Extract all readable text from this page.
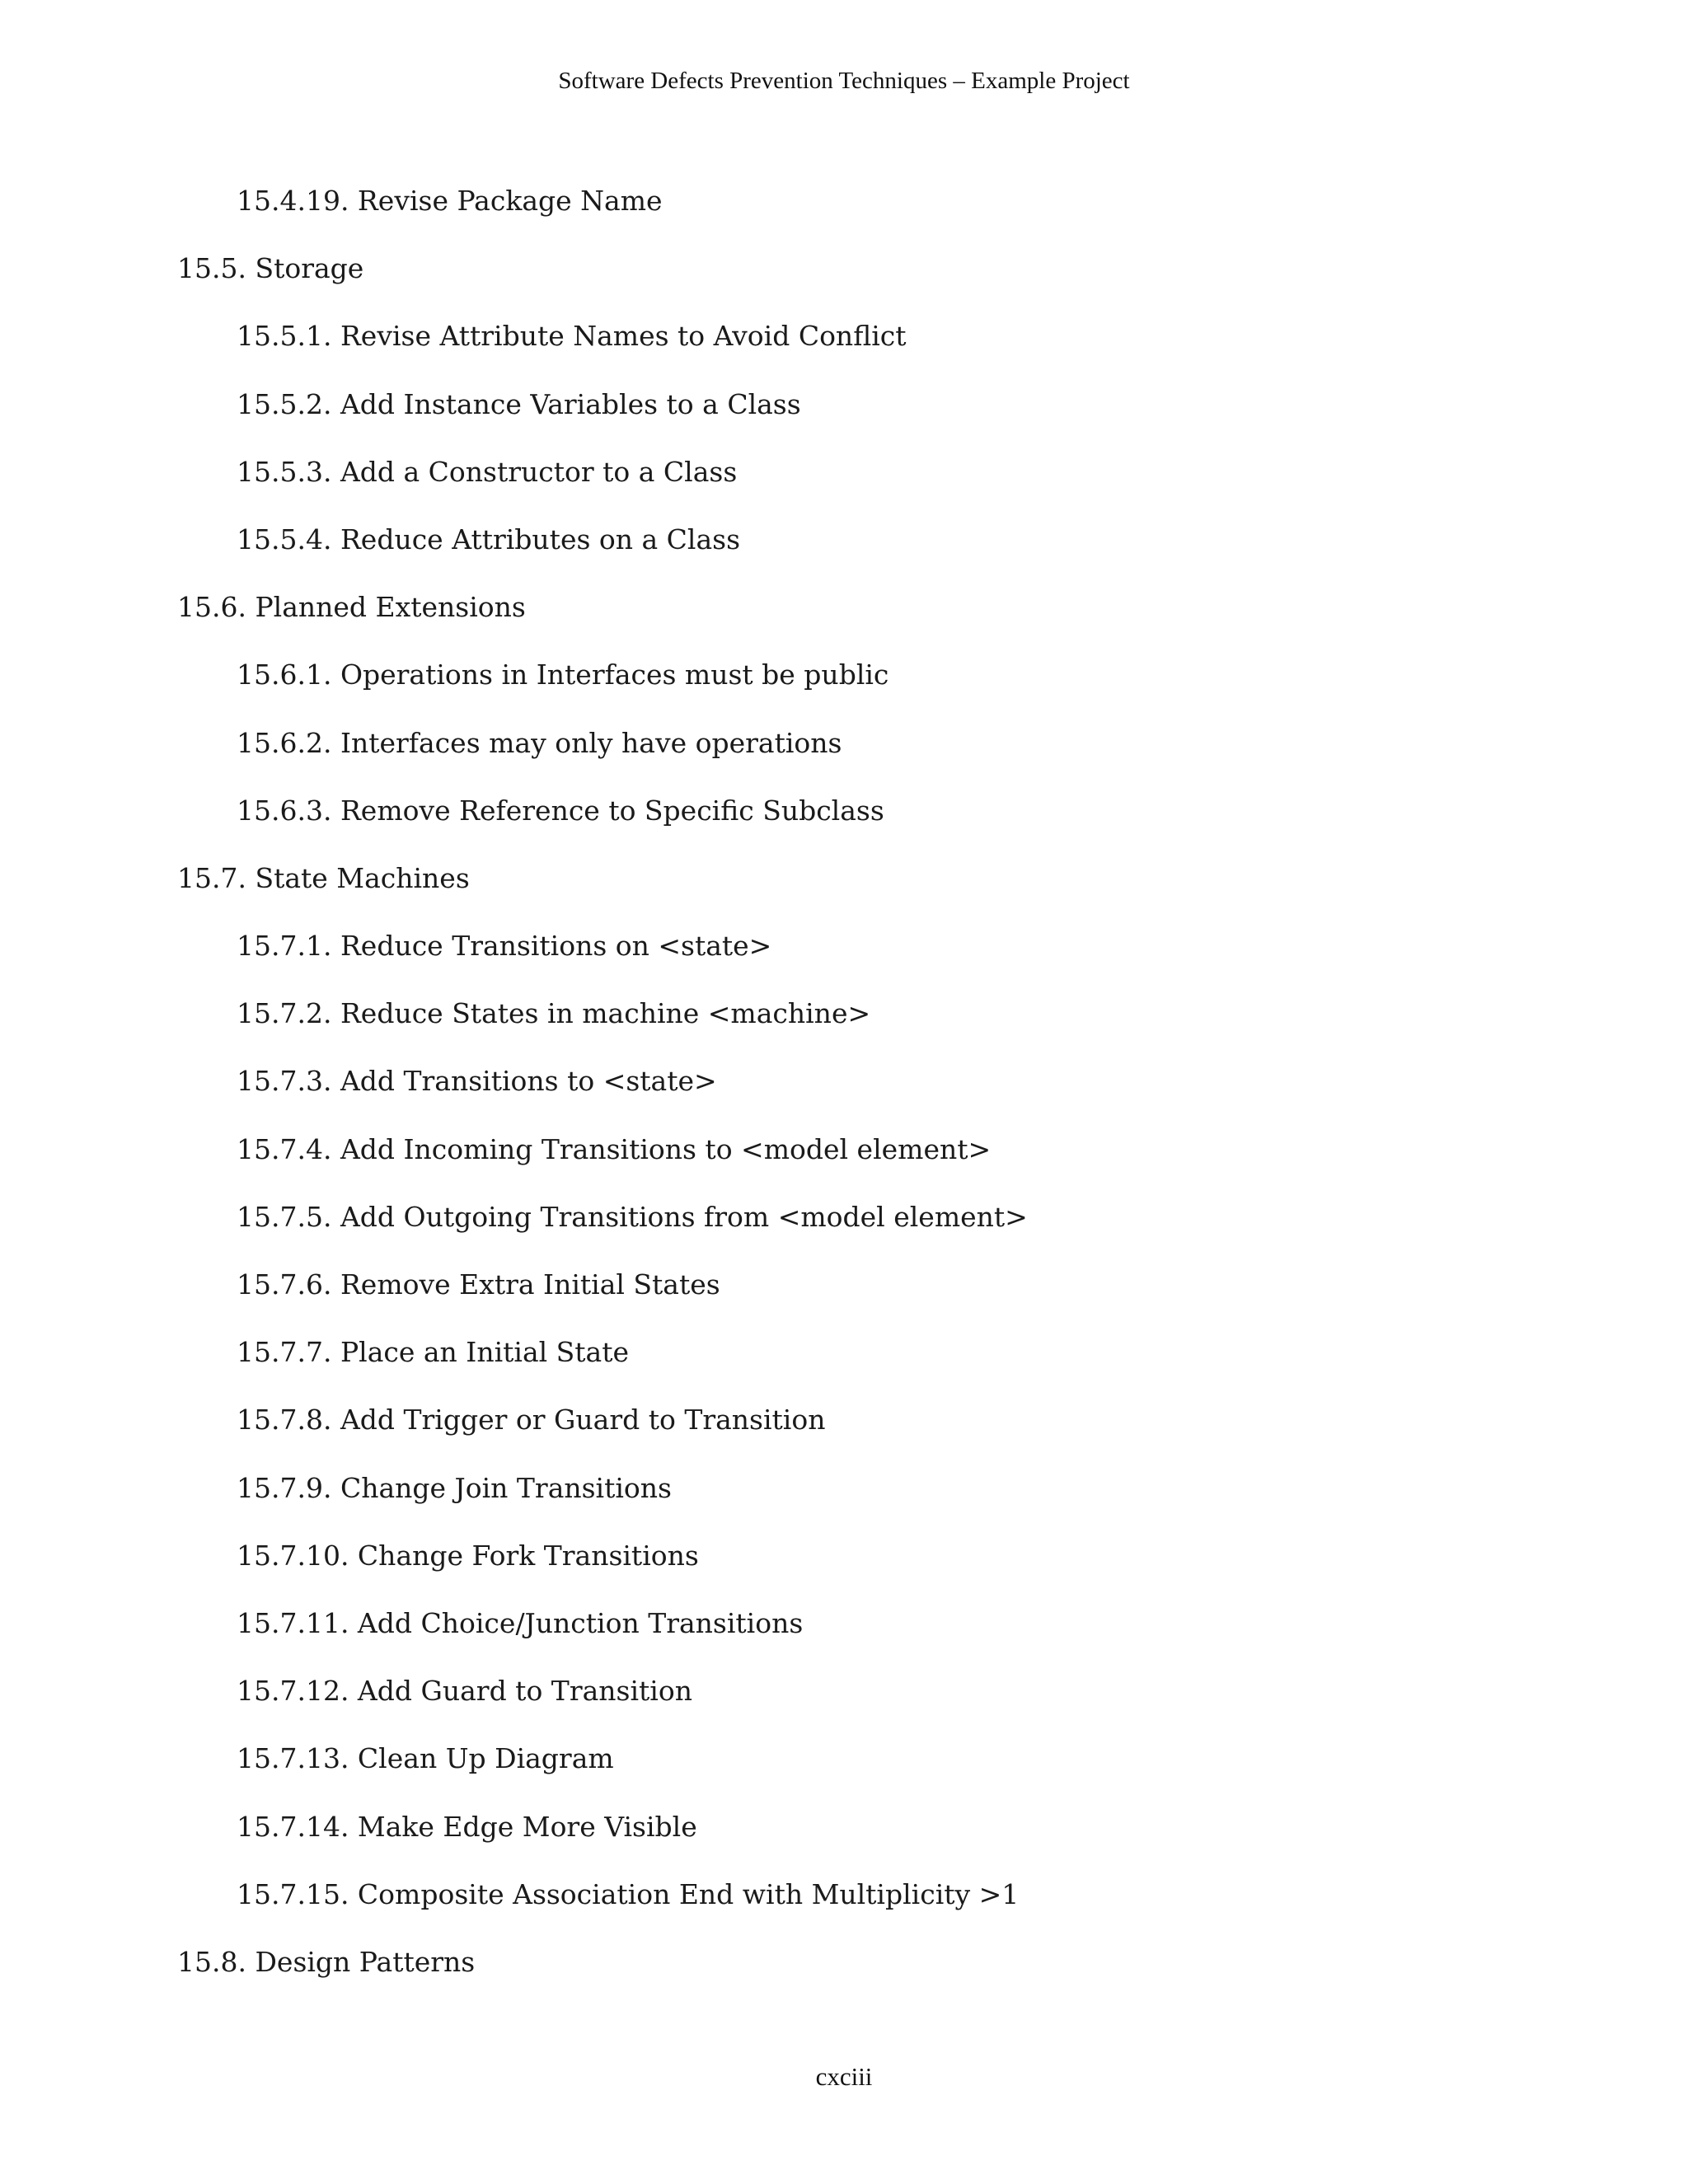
Software Defects Prevention Techniques – Example Project
15.4.19. Revise Package Name
15.5. Storage
15.5.1. Revise Attribute Names to Avoid Conflict
15.5.2. Add Instance Variables to a Class
15.5.3. Add a Constructor to a Class
15.5.4. Reduce Attributes on a Class
15.6. Planned Extensions
15.6.1. Operations in Interfaces must be public
15.6.2. Interfaces may only have operations
15.6.3. Remove Reference to Specific Subclass
15.7. State Machines
15.7.1. Reduce Transitions on <state>
15.7.2. Reduce States in machine <machine>
15.7.3. Add Transitions to <state>
15.7.4. Add Incoming Transitions to <model element>
15.7.5. Add Outgoing Transitions from <model element>
15.7.6. Remove Extra Initial States
15.7.7. Place an Initial State
15.7.8. Add Trigger or Guard to Transition
15.7.9. Change Join Transitions
15.7.10. Change Fork Transitions
15.7.11. Add Choice/Junction Transitions
15.7.12. Add Guard to Transition
15.7.13. Clean Up Diagram
15.7.14. Make Edge More Visible
15.7.15. Composite Association End with Multiplicity >1
15.8. Design Patterns
cxciii
